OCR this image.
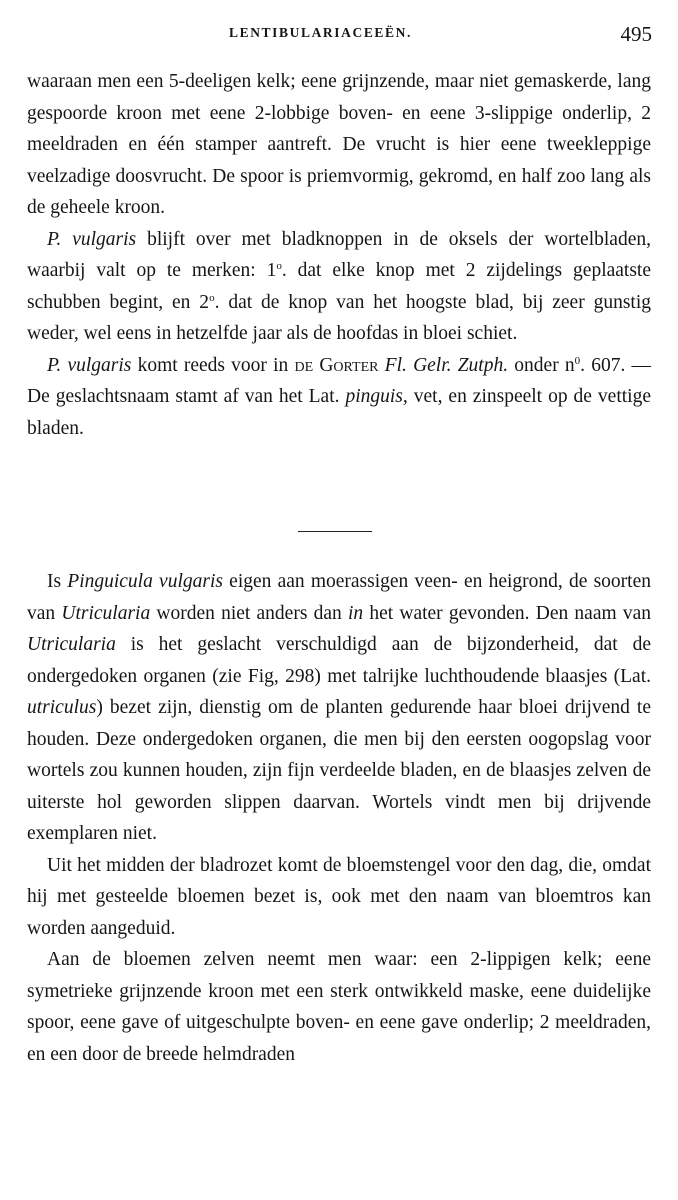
LENTIBULARIACEEËN.	495

waaraan men een 5-deeligen kelk; eene grijnzende, maar niet gemaskerde, lang gespoorde kroon met eene 2-lobbige boven- en eene 3-slippige onderlip, 2 meeldraden en één stamper aantreft. De vrucht is hier eene tweekleppige veelzadige doosvrucht. De spoor is priemvormig, gekromd, en half zoo lang als de geheele kroon.

P. vulgaris blijft over met bladknoppen in de oksels der wortelbladen, waarbij valt op te merken: 1$^o$. dat elke knop met 2 zijdelings geplaatste schubben begint, en 2$^o$. dat de knop van het hoogste blad, bij zeer gunstig weder, wel eens in hetzelfde jaar als de hoofdas in bloei schiet.

P. vulgaris komt reeds voor in de Gorter Fl. Gelr. Zutph. onder $n^0$. 607. — De geslachtsnaam stamt af van het Lat. pinguis, vet, en zinspeelt op de vettige bladen.

Is Pinguicula vulgaris eigen aan moerassigen veen- en heigrond, de soorten van Utricularia worden niet anders dan in het water gevonden. Den naam van Utricularia is het geslacht verschuldigd aan de bijzonderheid, dat de ondergedoken organen (zie Fig, 298) met talrijke luchthoudende blaasjes (Lat. utriculus) bezet zijn, dienstig om de planten gedurende haar bloei drijvend te houden. Deze ondergedoken organen, die men bij den eersten oogopslag voor wortels zou kunnen houden, zijn fijn verdeelde bladen, en de blaasjes zelven de uiterste hol geworden slippen daarvan. Wortels vindt men bij drijvende exemplaren niet.

Uit het midden der bladrozet komt de bloemstengel voor den dag, die, omdat hij met gesteelde bloemen bezet is, ook met den naam van bloemtros kan worden aangeduid.

Aan de bloemen zelven neemt men waar: een 2-lippigen kelk; eene symetrieke grijnzende kroon met een sterk ontwikkeld maske, eene duidelijke spoor, eene gave of uitgeschulpte boven- en eene gave onderlip; 2 meeldraden, en een door de breede helmdraden
